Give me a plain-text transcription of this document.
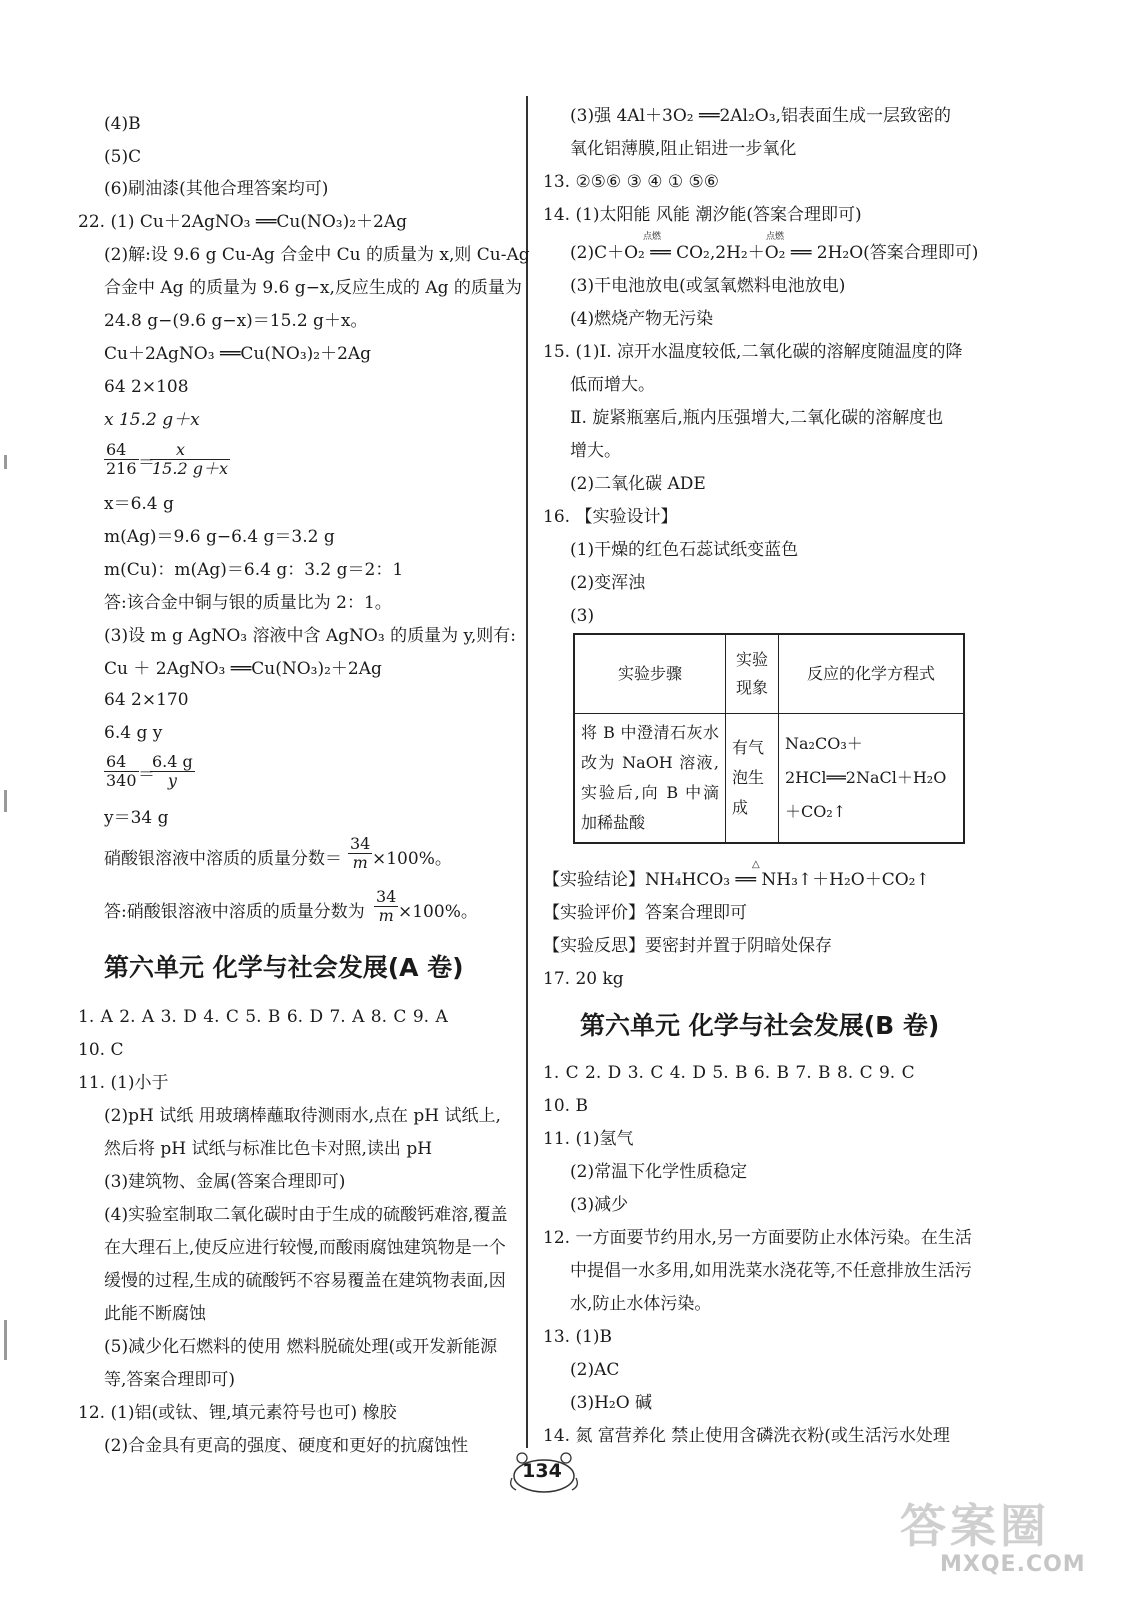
(4)B
(5)C
(6)刷油漆(其他合理答案均可)
22. (1) Cu＋2AgNO₃ ══Cu(NO₃)₂＋2Ag
(2)解:设 9.6 g Cu-Ag 合金中 Cu 的质量为 x,则 Cu-Ag
合金中 Ag 的质量为 9.6 g−x,反应生成的 Ag 的质量为
24.8 g−(9.6 g−x)＝15.2 g＋x。
Cu＋2AgNO₃ ══Cu(NO₃)₂＋2Ag
64 2×108
x 15.2 g＋x
$\frac{64}{216}$ ＝
$\frac{x}{15.2 g+x}$
x＝6.4 g
m(Ag)＝9.6 g−6.4 g＝3.2 g
m(Cu)：m(Ag)＝6.4 g：3.2 g＝2：1
答:该合金中铜与银的质量比为 2：1。
(3)设 m g AgNO₃ 溶液中含 AgNO₃ 的质量为 y,则有:
Cu ＋ 2AgNO₃ ══Cu(NO₃)₂＋2Ag
64 2×170
6.4 g y
$\frac{64}{340}$ ＝
$\frac{6.4 g}{y}$
y＝34 g
硝酸银溶液中溶质的质量分数＝ $\frac{34}{m} \times 100\%$。
答:硝酸银溶液中溶质的质量分数为 $\frac{34}{m} \times 100\%$。
第六单元 化学与社会发展(A 卷)
1. A 2. A 3. D 4. C 5. B 6. D 7. A 8. C 9. A
10. C
11. (1)小于
(2)pH 试纸 用玻璃棒蘸取待测雨水,点在 pH 试纸上,
然后将 pH 试纸与标准比色卡对照,读出 pH
(3)建筑物、金属(答案合理即可)
(4)实验室制取二氧化碳时由于生成的硫酸钙难溶,覆盖
在大理石上,使反应进行较慢,而酸雨腐蚀建筑物是一个
缓慢的过程,生成的硫酸钙不容易覆盖在建筑物表面,因
此能不断腐蚀
(5)减少化石燃料的使用 燃料脱硫处理(或开发新能源
等,答案合理即可)
12. (1)铝(或钛、锂,填元素符号也可) 橡胶
(2)合金具有更高的强度、硬度和更好的抗腐蚀性
(3)强 4Al＋3O₂ ══2Al₂O₃,铝表面生成一层致密的
氧化铝薄膜,阻止铝进一步氧化
13. ②⑤⑥ ③ ④ ① ⑤⑥
14. (1)太阳能 风能 潮汐能(答案合理即可)
(2)C＋O₂ ══ CO₂,2H₂＋O₂ ══ 2H₂O(答案合理即可)
点燃	点燃
(3)干电池放电(或氢氧燃料电池放电)
(4)燃烧产物无污染
15. (1)Ⅰ. 凉开水温度较低,二氧化碳的溶解度随温度的降
低而增大。
Ⅱ. 旋紧瓶塞后,瓶内压强增大,二氧化碳的溶解度也
增大。
(2)二氧化碳 ADE
16. 【实验设计】
(1)干燥的红色石蕊试纸变蓝色
(2)变浑浊
(3)
实验步骤	实验现象	反应的化学方程式
将 B 中澄清石灰水改为 NaOH 溶液,实验后,向 B 中滴加稀盐酸	有气泡生成	Na₂CO₃＋2HCl══2NaCl＋H₂O＋CO₂↑
【实验结论】NH₄HCO₃ ══ NH₃↑＋H₂O＋CO₂↑
△
【实验评价】答案合理即可
【实验反思】要密封并置于阴暗处保存
17. 20 kg
第六单元 化学与社会发展(B 卷)
1. C 2. D 3. C 4. D 5. B 6. B 7. B 8. C 9. C
10. B
11. (1)氢气
(2)常温下化学性质稳定
(3)减少
12. 一方面要节约用水,另一方面要防止水体污染。在生活
中提倡一水多用,如用洗菜水浇花等,不任意排放生活污
水,防止水体污染。
13. (1)B
(2)AC
(3)H₂O 碱
14. 氮 富营养化 禁止使用含磷洗衣粉(或生活污水处理
134
答案圈
MXQE.COM
